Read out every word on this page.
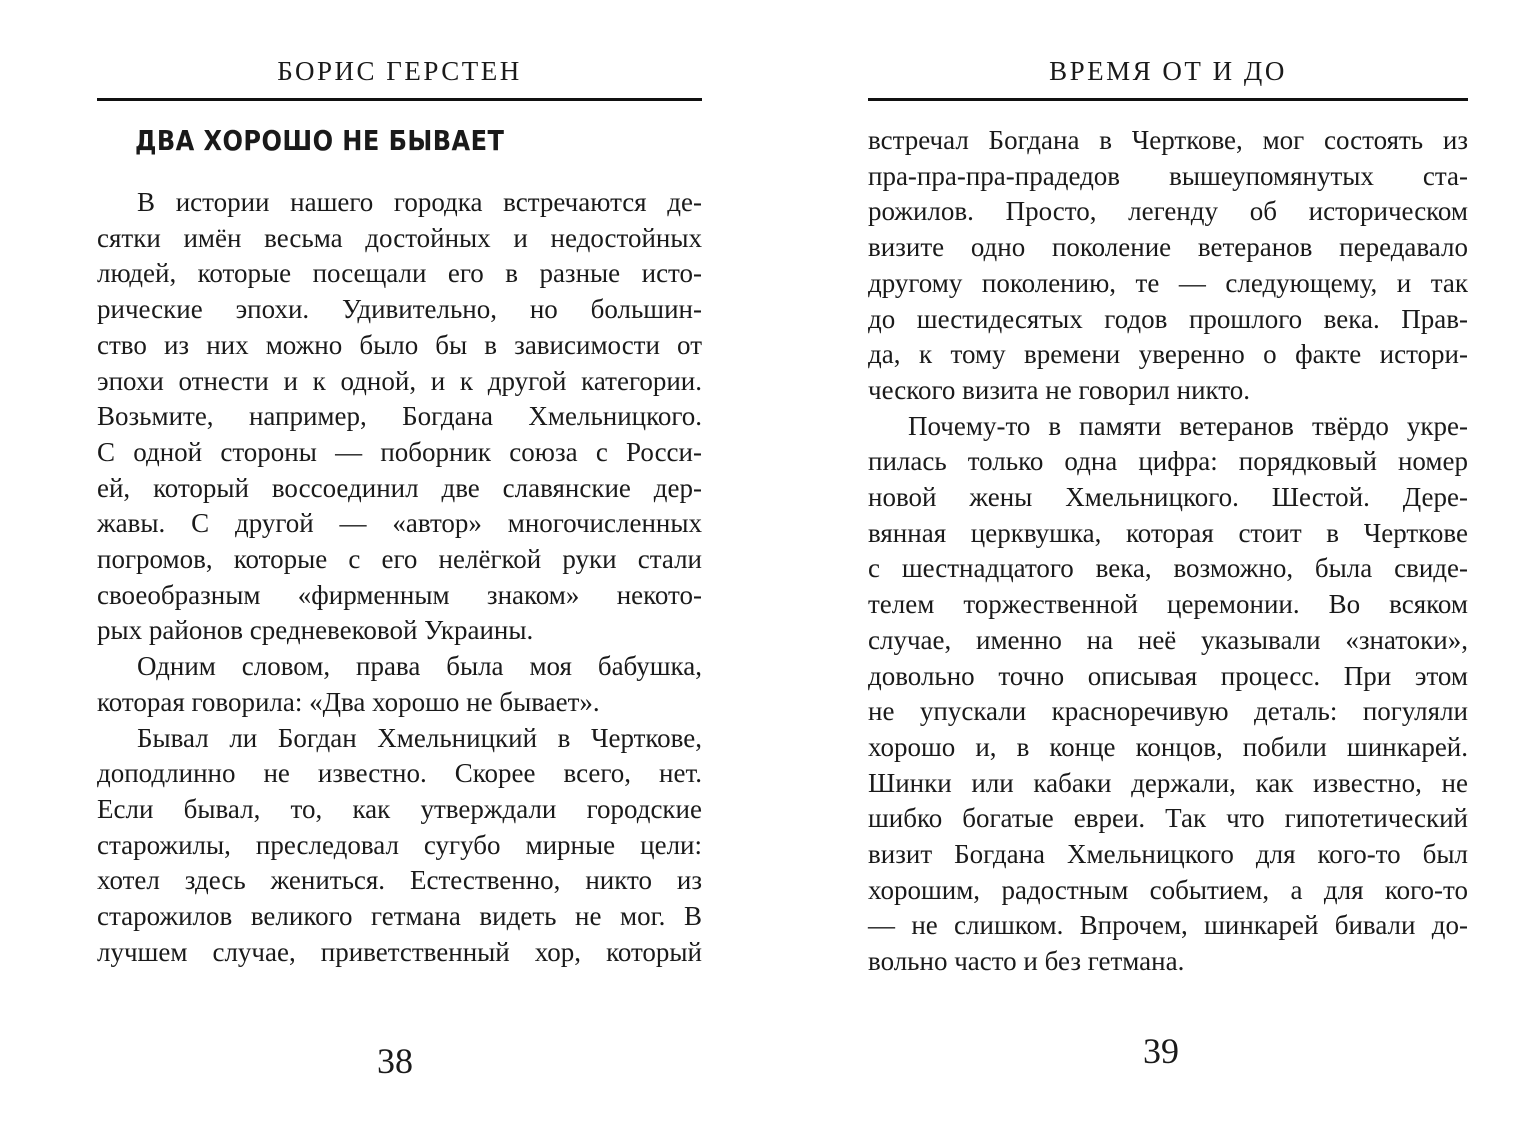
БОРИС ГЕРСТЕН
ДВА ХОРОШО НЕ БЫВАЕТ

В истории нашего городка встречаются де-

сятки имён весьма достойных и недостойных

людей, которые посещали его в разные исто-

рические эпохи. Удивительно, но большин-

ство из них можно было бы в зависимости от

эпохи отнести и к одной, и к другой категории.

Возьмите, например, Богдана Хмельницкого.

С одной стороны — поборник союза с Росси-

ей, который воссоединил две славянские дер-

жавы. С другой — «автор» многочисленных

погромов, которые с его нелёгкой руки стали

своеобразным «фирменным знаком» некото-

рых районов средневековой Украины.

Одним словом, права была моя бабушка,

которая говорила: «Два хорошо не бывает».

Бывал ли Богдан Хмельницкий в Черткове,

доподлинно не известно. Скорее всего, нет.

Если бывал, то, как утверждали городские

старожилы, преследовал сугубо мирные цели:

хотел здесь жениться. Естественно, никто из

старожилов великого гетмана видеть не мог. В

лучшем случае, приветственный хор, который

38
ВРЕМЯ ОТ И ДО

встречал Богдана в Черткове, мог состоять из

пра-пра-пра-прадедов вышеупомянутых ста-

рожилов. Просто, легенду об историческом

визите одно поколение ветеранов передавало

другому поколению, те — следующему, и так

до шестидесятых годов прошлого века. Прав-

да, к тому времени уверенно о факте истори-

ческого визита не говорил никто.

Почему-то в памяти ветеранов твёрдо укре-

пилась только одна цифра: порядковый номер

новой жены Хмельницкого. Шестой. Дере-

вянная церквушка, которая стоит в Черткове

с шестнадцатого века, возможно, была свиде-

телем торжественной церемонии. Во всяком

случае, именно на неё указывали «знатоки»,

довольно точно описывая процесс. При этом

не упускали красноречивую деталь: погуляли

хорошо и, в конце концов, побили шинкарей.

Шинки или кабаки держали, как известно, не

шибко богатые евреи. Так что гипотетический

визит Богдана Хмельницкого для кого-то был

хорошим, радостным событием, а для кого-то

— не слишком. Впрочем, шинкарей бивали до-

вольно часто и без гетмана.

39
